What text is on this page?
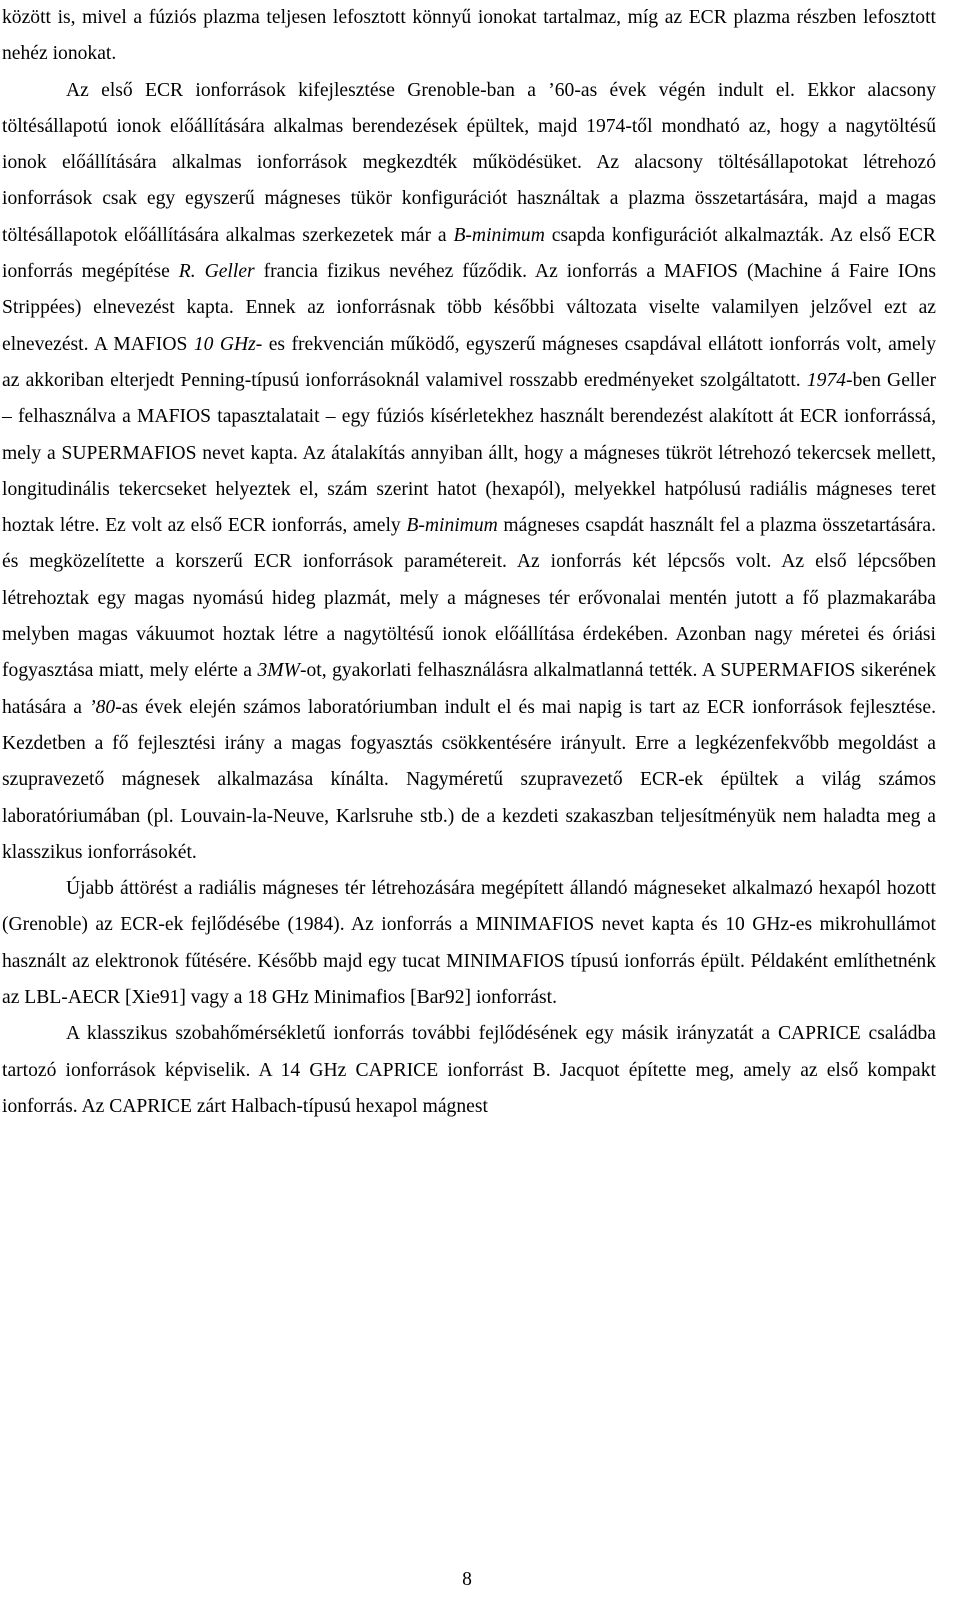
között is, mivel a fúziós plazma teljesen lefosztott könnyű ionokat tartalmaz, míg az ECR plazma részben lefosztott nehéz ionokat.

Az első ECR ionforrások kifejlesztése Grenoble-ban a ’60-as évek végén indult el. Ekkor alacsony töltésállapotú ionok előállítására alkalmas berendezések épültek, majd 1974-től mondható az, hogy a nagytöltésű ionok előállítására alkalmas ionforrások megkezdték működésüket. Az alacsony töltésállapotokat létrehozó ionforrások csak egy egyszerű mágneses tükör konfigurációt használtak a plazma összetartására, majd a magas töltésállapotok előállítására alkalmas szerkezetek már a B-minimum csapda konfigurációt alkalmazták. Az első ECR ionforrás megépítése R. Geller francia fizikus nevéhez fűződik. Az ionforrás a MAFIOS (Machine á Faire IOns Strippées) elnevezést kapta. Ennek az ionforrásnak több későbbi változata viselte valamilyen jelzővel ezt az elnevezést. A MAFIOS 10 GHz- es frekvencián működő, egyszerű mágneses csapdával ellátott ionforrás volt, amely az akkoriban elterjedt Penning-típusú ionforrásoknál valamivel rosszabb eredményeket szolgáltatott. 1974-ben Geller – felhasználva a MAFIOS tapasztalatait – egy fúziós kísérletekhez használt berendezést alakított át ECR ionforrássá, mely a SUPERMAFIOS nevet kapta. Az átalakítás annyiban állt, hogy a mágneses tükröt létrehozó tekercsek mellett, longitudinális tekercseket helyeztek el, szám szerint hatot (hexapól), melyekkel hatpólusú radiális mágneses teret hoztak létre. Ez volt az első ECR ionforrás, amely B-minimum mágneses csapdát használt fel a plazma összetartására. és megközelítette a korszerű ECR ionforrások paramétereit. Az ionforrás két lépcsős volt. Az első lépcsőben létrehoztak egy magas nyomású hideg plazmát, mely a mágneses tér erővonalai mentén jutott a fő plazmakarába melyben magas vákuumot hoztak létre a nagytöltésű ionok előállítása érdekében. Azonban nagy méretei és óriási fogyasztása miatt, mely elérte a 3MW-ot, gyakorlati felhasználásra alkalmatlanná tették. A SUPERMAFIOS sikerének hatására a ’80-as évek elején számos laboratóriumban indult el és mai napig is tart az ECR ionforrások fejlesztése. Kezdetben a fő fejlesztési irány a magas fogyasztás csökkentésére irányult. Erre a legkézenfekvőbb megoldást a szupravezető mágnesek alkalmazása kínálta. Nagyméretű szupravezető ECR-ek épültek a világ számos laboratóriumában (pl. Louvain-la-Neuve, Karlsruhe stb.) de a kezdeti szakaszban teljesítményük nem haladta meg a klasszikus ionforrásokét.

Újabb áttörést a radiális mágneses tér létrehozására megépített állandó mágneseket alkalmazó hexapól hozott (Grenoble) az ECR-ek fejlődésébe (1984). Az ionforrás a MINIMAFIOS nevet kapta és 10 GHz-es mikrohullámot használt az elektronok fűtésére. Később majd egy tucat MINIMAFIOS típusú ionforrás épült. Példaként említhetnénk az LBL-AECR [Xie91] vagy a 18 GHz Minimafios [Bar92] ionforrást.

A klasszikus szobahőmérsékletű ionforrás további fejlődésének egy másik irányzatát a CAPRICE családba tartozó ionforrások képviselik. A 14 GHz CAPRICE ionforrást B. Jacquot építette meg, amely az első kompakt ionforrás. Az CAPRICE zárt Halbach-típusú hexapol mágnest

8
